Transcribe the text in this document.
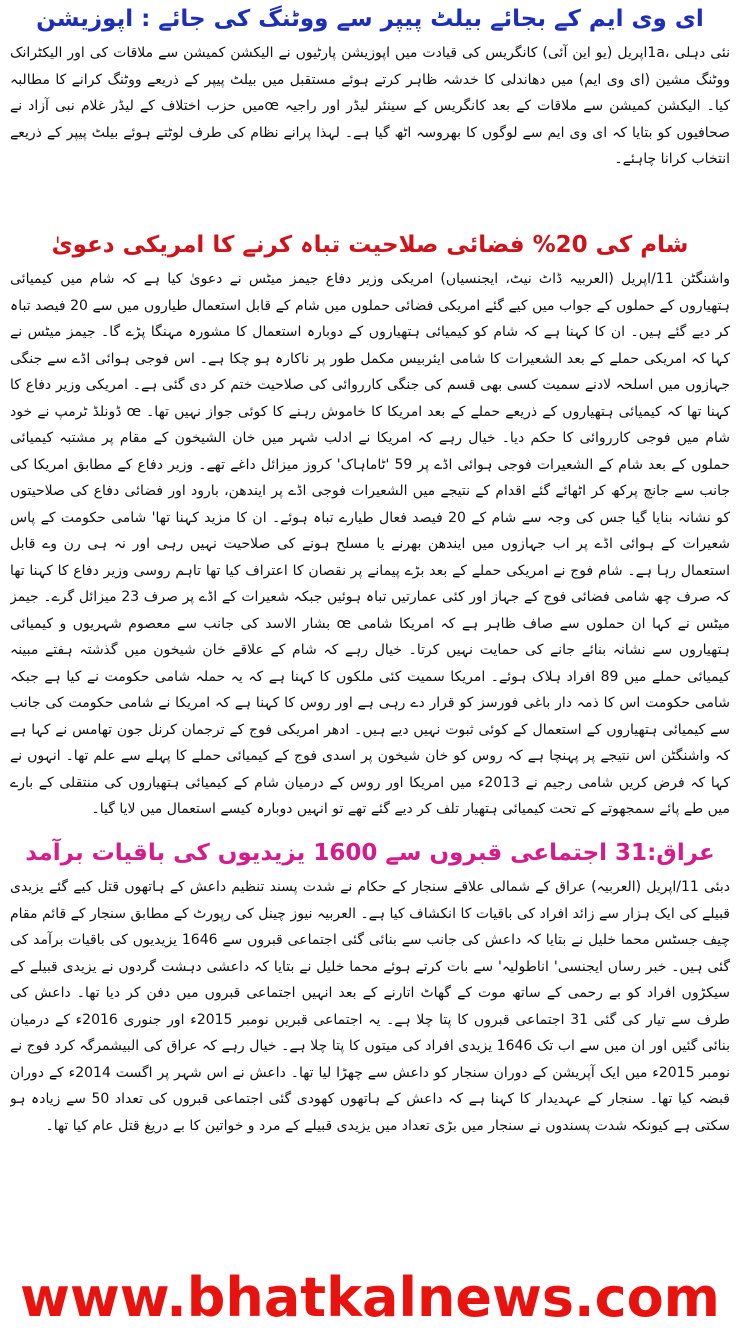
ای وی ایم کے بجائے بیلٹ پیپر سے ووٹنگ کی جائے : اپوزیشن

نئی دہلی ،1aاپریل (یو این آئی) کانگریس کی قیادت میں اپوزیشن پارٹیوں نے الیکشن کمیشن سے ملاقات کی اور الیکٹرانک ووٹنگ مشین (ای وی ایم) میں دھاندلی کا خدشہ ظاہر کرتے ہوئے مستقبل میں بیلٹ پیپر کے ذریعے ووٹنگ کرانے کا مطالبہ کیا۔ الیکشن کمیشن سے ملاقات کے بعد کانگریس کے سینئر لیڈر اور راجیہ œمیں حزب اختلاف کے لیڈر غلام نبی آزاد نے صحافیوں کو بتایا کہ ای وی ایم سے لوگوں کا بھروسہ اٹھ گیا ہے۔ لہذا پرانے نظام کی طرف لوٹتے ہوئے بیلٹ پیپر کے ذریعے انتخاب کرانا چاہئے۔

شام کی 20% فضائی صلاحیت تباہ کرنے کا امریکی دعویٰ

واشنگٹن 11/اپریل (العربیہ ڈاٹ نیٹ، ایجنسیاں) امریکی وزیر دفاع جیمز میٹس نے دعویٰ کیا ہے کہ شام میں کیمیائی ہتھیاروں کے حملوں کے جواب میں کیے گئے امریکی فضائی حملوں میں شام کے قابل استعمال طیاروں میں سے 20 فیصد تباہ کر دیے گئے ہیں۔ ان کا کہنا ہے کہ شام کو کیمیائی ہتھیاروں کے دوبارہ استعمال کا مشورہ مہنگا پڑے گا۔ جیمز میٹس نے کہا کہ امریکی حملے کے بعد الشعیرات کا شامی ایئربیس مکمل طور پر ناکارہ ہو چکا ہے۔ اس فوجی ہوائی اڈے سے جنگی جہازوں میں اسلحہ لادنے سمیت کسی بھی قسم کی جنگی کارروائی کی صلاحیت ختم کر دی گئی ہے۔ امریکی وزیر دفاع کا کہنا تھا کہ کیمیائی ہتھیاروں کے ذریعے حملے کے بعد امریکا کا خاموش رہنے کا کوئی جواز نہیں تھا۔ œ ڈونلڈ ٹرمپ نے خود شام میں فوجی کارروائی کا حکم دیا۔ خیال رہے کہ امریکا نے ادلب شہر میں خان الشیخون کے مقام پر مشتبہ کیمیائی حملوں کے بعد شام کے الشعیرات فوجی ہوائی اڈے پر 59 'ٹاماہاک' کروز میزائل داغے تھے۔ وزیر دفاع کے مطابق امریکا کی جانب سے جانچ پرکھ کر اٹھائے گئے اقدام کے نتیجے میں الشعیرات فوجی اڈے پر ایندھن، بارود اور فضائی دفاع کی صلاحیتوں کو نشانہ بنایا گیا جس کی وجہ سے شام کے 20 فیصد فعال طیارے تباہ ہوئے۔ ان کا مزید کہنا تھا' شامی حکومت کے پاس شعیرات کے ہوائی اڈے پر اب جہازوں میں ایندھن بھرنے یا مسلح ہونے کی صلاحیت نہیں رہی اور نہ ہی رن وے قابل استعمال رہا ہے۔ شام فوج نے امریکی حملے کے بعد بڑے پیمانے پر نقصان کا اعتراف کیا تھا تاہم روسی وزیر دفاع کا کہنا تھا کہ صرف چھ شامی فضائی فوج کے جہاز اور کئی عمارتیں تباہ ہوئیں جبکہ شعیرات کے اڈے پر صرف 23 میزائل گرے۔ جیمز میٹس نے کہا ان حملوں سے صاف ظاہر ہے کہ امریکا شامی œ بشار الاسد کی جانب سے معصوم شہریوں و کیمیائی ہتھیاروں سے نشانہ بنائے جانے کی حمایت نہیں کرتا۔ خیال رہے کہ شام کے علاقے خان شیخون میں گذشتہ ہفتے مبینہ کیمیائی حملے میں 89 افراد ہلاک ہوئے۔ امریکا سمیت کئی ملکوں کا کہنا ہے کہ یہ حملہ شامی حکومت نے کیا ہے جبکہ شامی حکومت اس کا ذمہ دار باغی فورسز کو قرار دے رہی ہے اور روس کا کہنا ہے کہ امریکا نے شامی حکومت کی جانب سے کیمیائی ہتھیاروں کے استعمال کے کوئی ثبوت نہیں دیے ہیں۔ ادھر امریکی فوج کے ترجمان کرنل جون تھامس نے کہا ہے کہ واشنگٹن اس نتیجے پر پہنچا ہے کہ روس کو خان شیخون پر اسدی فوج کے کیمیائی حملے کا پہلے سے علم تھا۔ انہوں نے کہا کہ فرض کریں شامی رجیم نے 2013ء میں امریکا اور روس کے درمیان شام کے کیمیائی ہتھیاروں کی منتقلی کے بارے میں طے پائے سمجھوتے کے تحت کیمیائی ہتھیار تلف کر دیے گئے تھے تو انہیں دوبارہ کیسے استعمال میں لایا گیا۔

عراق:31 اجتماعی قبروں سے 1600 یزیدیوں کی باقیات برآمد

دبئی 11/اپریل (العربیہ) عراق کے شمالی علاقے سنجار کے حکام نے شدت پسند تنظیم داعش کے ہاتھوں قتل کیے گئے یزیدی قبیلے کی ایک ہزار سے زائد افراد کی باقیات کا انکشاف کیا ہے۔ العربیہ نیوز چینل کی رپورٹ کے مطابق سنجار کے قائم مقام چیف جسٹس محما خلیل نے بتایا کہ داعش کی جانب سے بنائی گئی اجتماعی قبروں سے 1646 یزیدیوں کی باقیات برآمد کی گئی ہیں۔ خبر رساں ایجنسی' اناطولیہ' سے بات کرتے ہوئے محما خلیل نے بتایا کہ داعشی دہشت گردوں نے یزیدی قبیلے کے سیکڑوں افراد کو بے رحمی کے ساتھ موت کے گھاٹ اتارنے کے بعد انہیں اجتماعی قبروں میں دفن کر دیا تھا۔ داعش کی طرف سے تیار کی گئی 31 اجتماعی قبروں کا پتا چلا ہے۔ یہ اجتماعی قبریں نومبر 2015ء اور جنوری 2016ء کے درمیان بنائی گئیں اور ان میں سے اب تک 1646 یزیدی افراد کی میتوں کا پتا چلا ہے۔ خیال رہے کہ عراق کی البیشمرگہ کرد فوج نے نومبر 2015ء میں ایک آپریشن کے دوران سنجار کو داعش سے چھڑا لیا تھا۔ داعش نے اس شہر پر اگست 2014ء کے دوران قبضہ کیا تھا۔ سنجار کے عہدیدار کا کہنا ہے کہ داعش کے ہاتھوں کھودی گئی اجتماعی قبروں کی تعداد 50 سے زیادہ ہو سکتی ہے کیونکہ شدت پسندوں نے سنجار میں بڑی تعداد میں یزیدی قبیلے کے مرد و خواتین کا بے دریغ قتل عام کیا تھا۔

www.bhatkalnews.com
